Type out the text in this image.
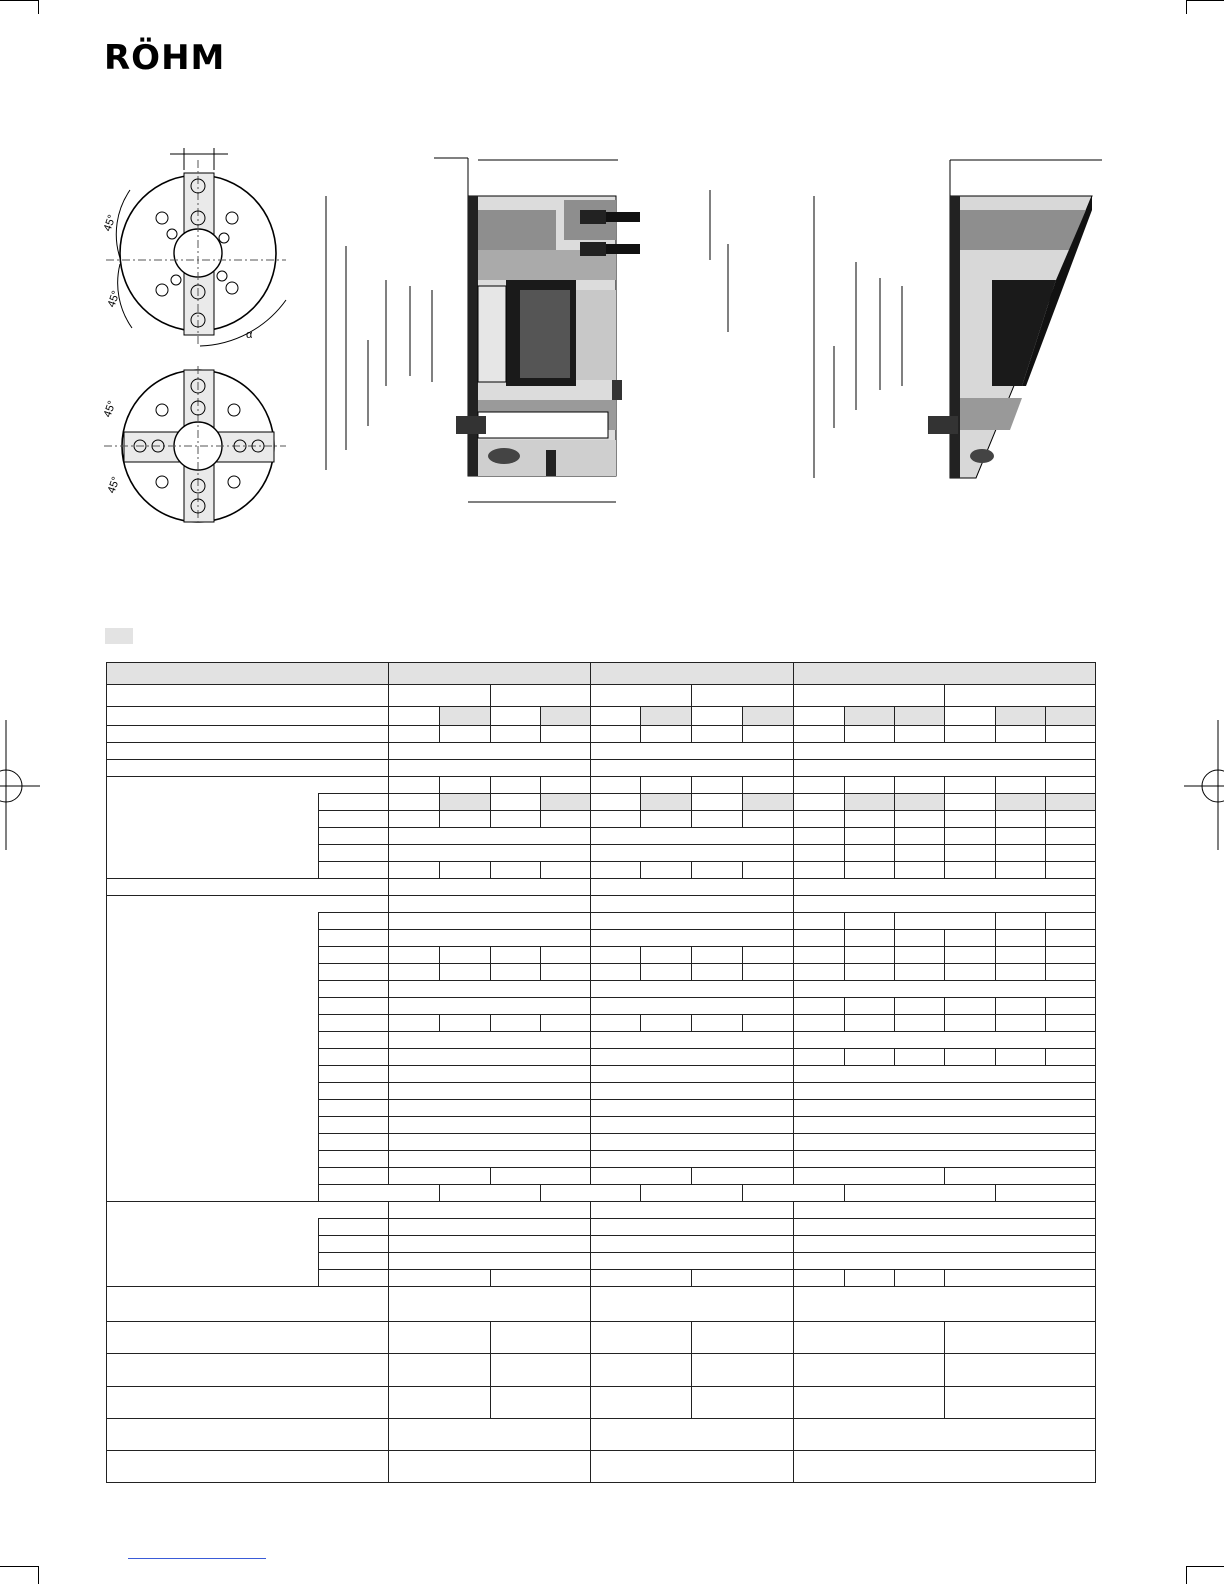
RÖHM
45°
45°
α
45°
45°
